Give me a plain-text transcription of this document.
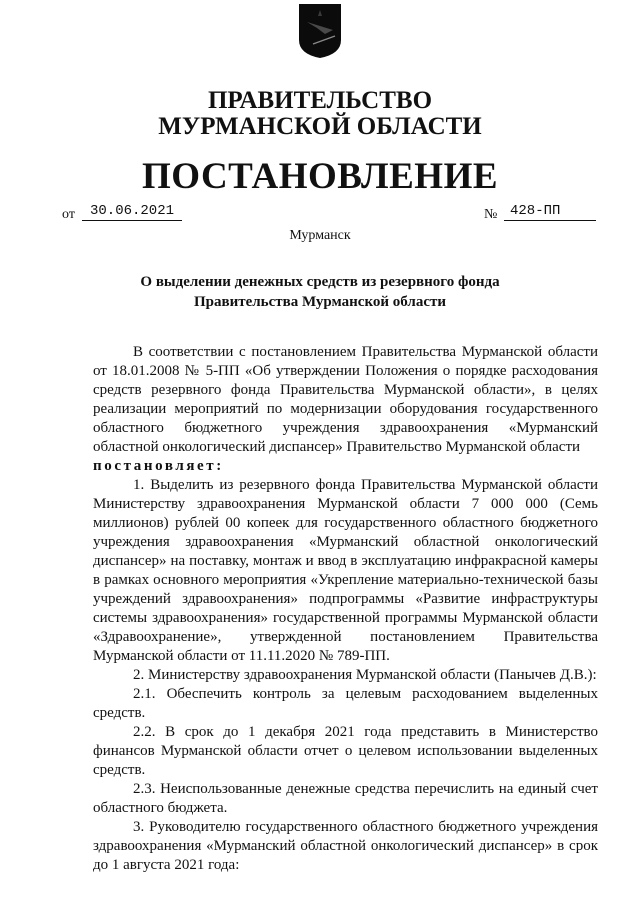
ПРАВИТЕЛЬСТВО
МУРМАНСКОЙ ОБЛАСТИ
ПОСТАНОВЛЕНИЕ
от	30.06.2021	№ 428-ПП
Мурманск
О выделении денежных средств из резервного фонда
Правительства Мурманской области

В соответствии с постановлением Правительства Мурманской области от 18.01.2008 № 5-ПП «Об утверждении Положения о порядке расходования средств резервного фонда Правительства Мурманской области», в целях реализации мероприятий по модернизации оборудования государственного областного бюджетного учреждения здравоохранения «Мурманский областной онкологический диспансер» Правительство Мурманской области

постановляет:

1. Выделить из резервного фонда Правительства Мурманской области Министерству здравоохранения Мурманской области 7 000 000 (Семь миллионов) рублей 00 копеек для государственного областного бюджетного учреждения здравоохранения «Мурманский областной онкологический диспансер» на поставку, монтаж и ввод в эксплуатацию инфракрасной камеры в рамках основного мероприятия «Укрепление материально-технической базы учреждений здравоохранения» подпрограммы «Развитие инфраструктуры системы здравоохранения» государственной программы Мурманской области «Здравоохранение», утвержденной постановлением Правительства Мурманской области от 11.11.2020 № 789-ПП.

2. Министерству здравоохранения Мурманской области (Панычев Д.В.):

2.1. Обеспечить контроль за целевым расходованием выделенных средств.

2.2. В срок до 1 декабря 2021 года представить в Министерство финансов Мурманской области отчет о целевом использовании выделенных средств.

2.3. Неиспользованные денежные средства перечислить на единый счет областного бюджета.

3. Руководителю государственного областного бюджетного учреждения здравоохранения «Мурманский областной онкологический диспансер» в срок до 1 августа 2021 года:
